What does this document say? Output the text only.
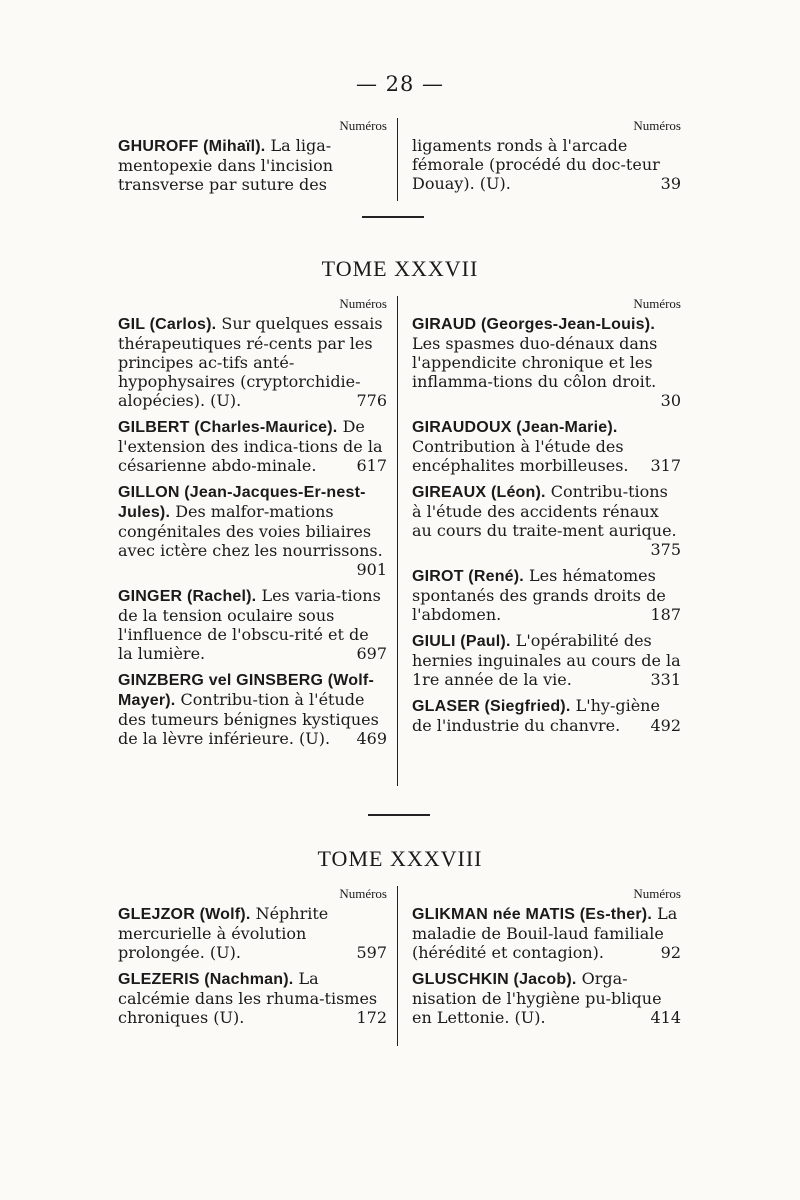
— 28 —
Numéros
GHUROFF (Mihaïl). La liga-mentopexie dans l'incision transverse par suture des
Numéros
ligaments ronds à l'arcade fémorale (procédé du doc-teur Douay). (U).	39
TOME XXXVII
Numéros
GIL (Carlos). Sur quelques essais thérapeutiques ré-cents par les principes ac-tifs anté-hypophysaires (cryptorchidie-alopécies). (U).	776
GILBERT (Charles-Maurice). De l'extension des indica-tions de la césarienne abdo-minale.	617
GILLON (Jean-Jacques-Er-nest-Jules). Des malfor-mations congénitales des voies biliaires avec ictère chez les nourrissons.
901
GINGER (Rachel). Les varia-tions de la tension oculaire sous l'influence de l'obscu-rité et de la lumière.	697
GINZBERG vel GINSBERG (Wolf-Mayer). Contribu-tion à l'étude des tumeurs bénignes kystiques de la lèvre inférieure. (U). 469
Numéros
GIRAUD (Georges-Jean-Louis). Les spasmes duo-dénaux dans l'appendicite chronique et les inflamma-tions du côlon droit.
30
GIRAUDOUX (Jean-Marie). Contribution à l'étude des encéphalites morbilleuses. 317
GIREAUX (Léon). Contribu-tions à l'étude des accidents rénaux au cours du traite-ment aurique.
375
GIROT (René). Les hématomes spontanés des grands droits de l'abdomen.	187
GIULI (Paul). L'opérabilité des hernies inguinales au cours de la 1re année de la vie.	331
GLASER (Siegfried). L'hy-giène de l'industrie du chanvre. 492
TOME XXXVIII
Numéros
GLEJZOR (Wolf). Néphrite mercurielle à évolution prolongée. (U).	597
GLEZERIS (Nachman). La calcémie dans les rhuma-tismes chroniques (U).	172
Numéros
GLIKMAN née MATIS (Es-ther). La maladie de Bouil-laud familiale (hérédité et contagion).	92
GLUSCHKIN (Jacob). Orga-nisation de l'hygiène pu-blique en Lettonie. (U).	414
